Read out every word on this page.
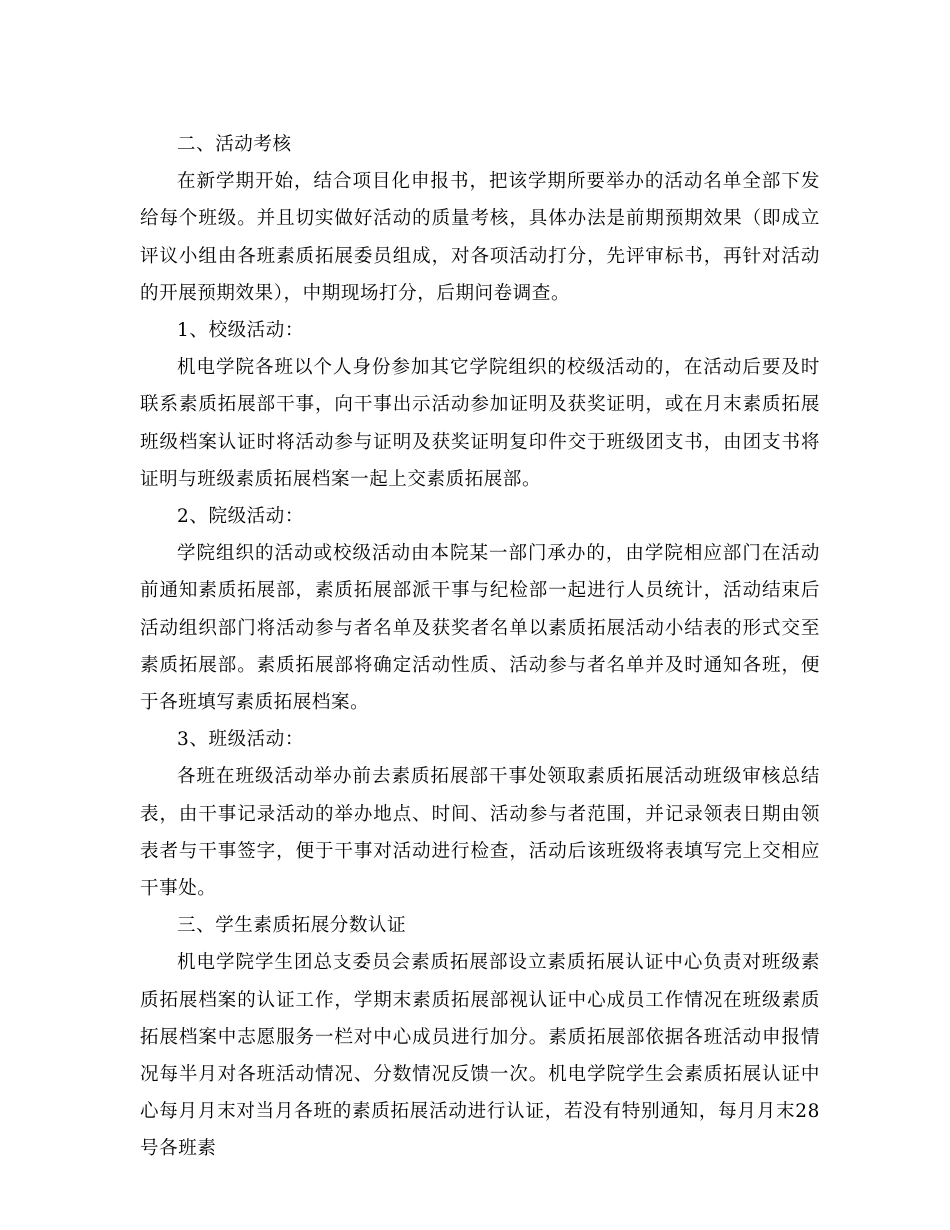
二、活动考核

在新学期开始，结合项目化申报书，把该学期所要举办的活动名单全部下发给每个班级。并且切实做好活动的质量考核，具体办法是前期预期效果（即成立评议小组由各班素质拓展委员组成，对各项活动打分，先评审标书，再针对活动的开展预期效果），中期现场打分，后期问卷调查。

1、校级活动：

机电学院各班以个人身份参加其它学院组织的校级活动的，在活动后要及时联系素质拓展部干事，向干事出示活动参加证明及获奖证明，或在月末素质拓展班级档案认证时将活动参与证明及获奖证明复印件交于班级团支书，由团支书将证明与班级素质拓展档案一起上交素质拓展部。

2、院级活动：

学院组织的活动或校级活动由本院某一部门承办的，由学院相应部门在活动前通知素质拓展部，素质拓展部派干事与纪检部一起进行人员统计，活动结束后活动组织部门将活动参与者名单及获奖者名单以素质拓展活动小结表的形式交至素质拓展部。素质拓展部将确定活动性质、活动参与者名单并及时通知各班，便于各班填写素质拓展档案。

3、班级活动：

各班在班级活动举办前去素质拓展部干事处领取素质拓展活动班级审核总结表，由干事记录活动的举办地点、时间、活动参与者范围，并记录领表日期由领表者与干事签字，便于干事对活动进行检查，活动后该班级将表填写完上交相应干事处。

三、学生素质拓展分数认证

机电学院学生团总支委员会素质拓展部设立素质拓展认证中心负责对班级素质拓展档案的认证工作，学期末素质拓展部视认证中心成员工作情况在班级素质拓展档案中志愿服务一栏对中心成员进行加分。素质拓展部依据各班活动申报情况每半月对各班活动情况、分数情况反馈一次。机电学院学生会素质拓展认证中心每月月末对当月各班的素质拓展活动进行认证，若没有特别通知，每月月末28号各班素
